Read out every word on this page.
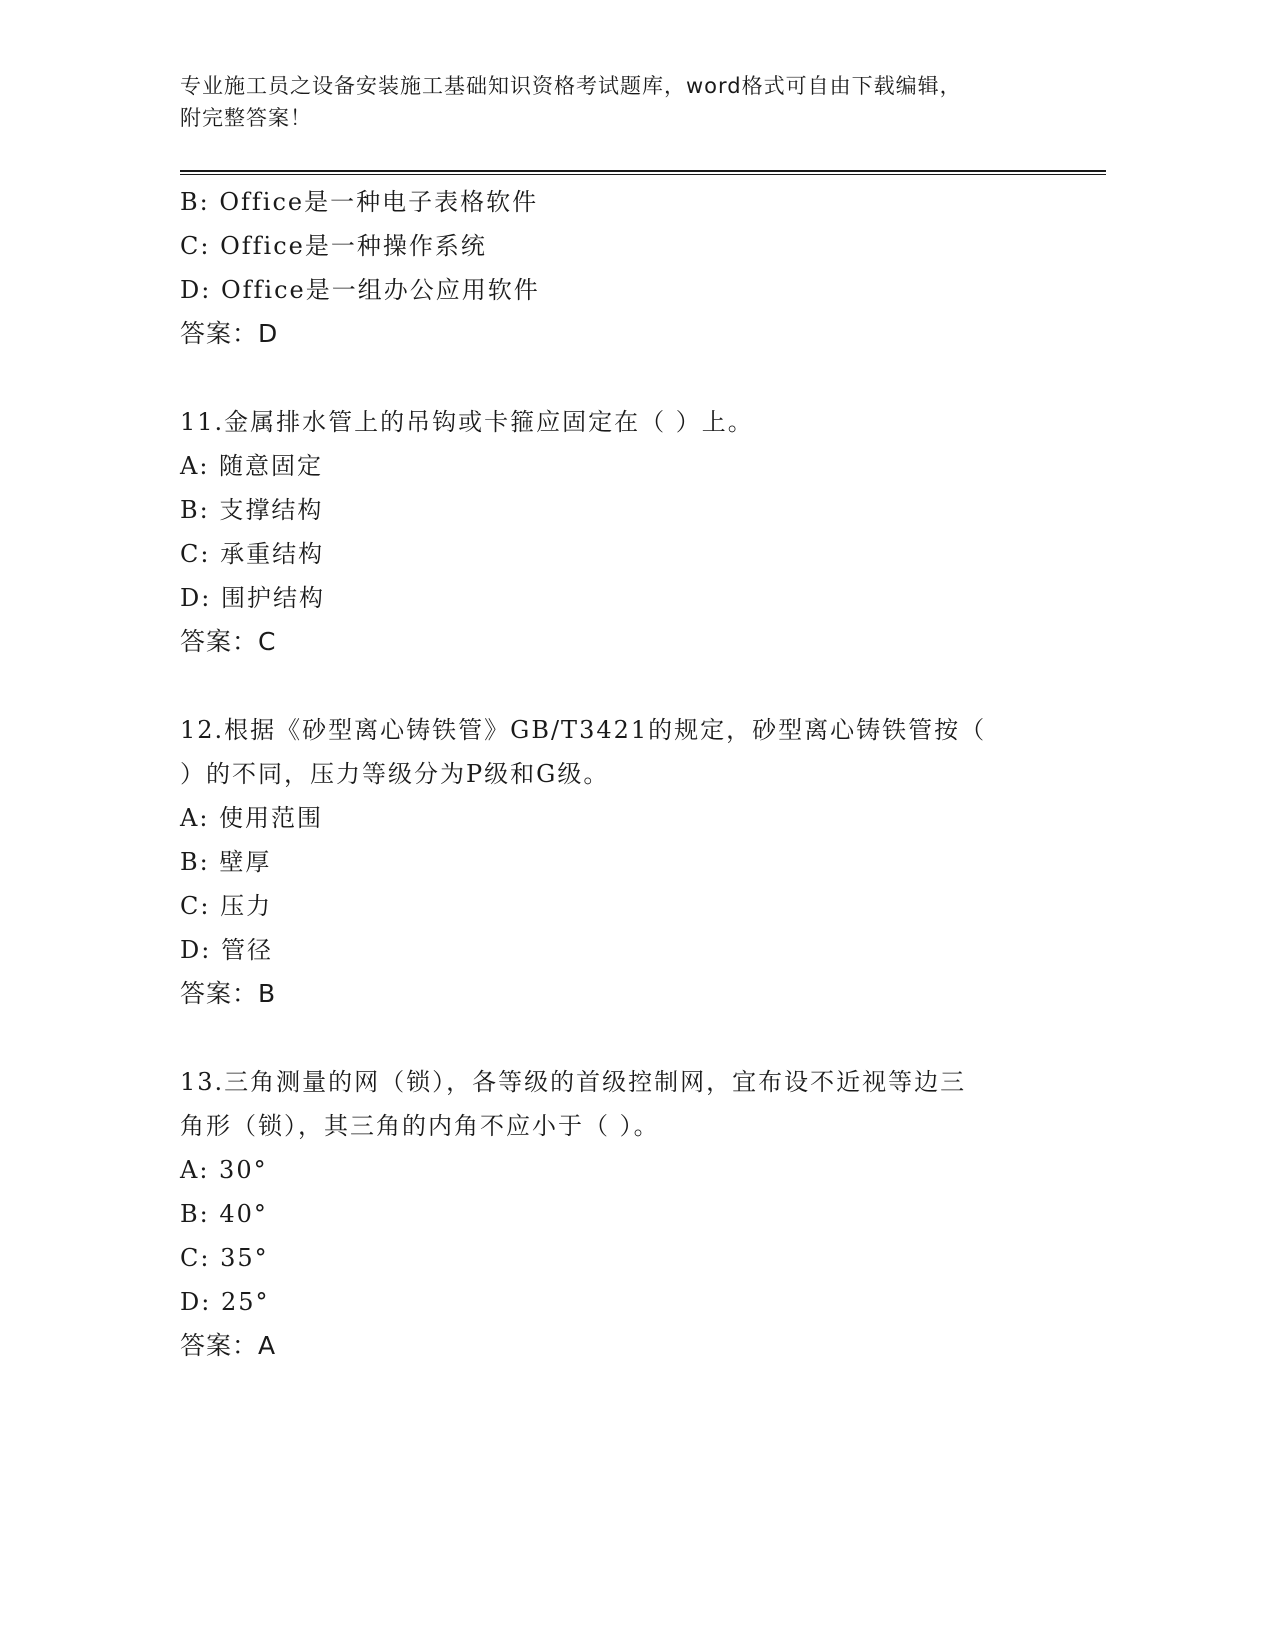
专业施工员之设备安装施工基础知识资格考试题库，word格式可自由下载编辑，
附完整答案！
B: Office是一种电子表格软件
C: Office是一种操作系统
D: Office是一组办公应用软件
答案：D
11.金属排水管上的吊钩或卡箍应固定在（ ）上。
A: 随意固定
B: 支撑结构
C: 承重结构
D: 围护结构
答案：C
12.根据《砂型离心铸铁管》GB/T3421的规定，砂型离心铸铁管按（
）的不同，压力等级分为P级和G级。
A: 使用范围
B: 壁厚
C: 压力
D: 管径
答案：B
13.三角测量的网（锁），各等级的首级控制网，宜布设不近视等边三
角形（锁），其三角的内角不应小于（ ）。
A: 30°
B: 40°
C: 35°
D: 25°
答案：A
